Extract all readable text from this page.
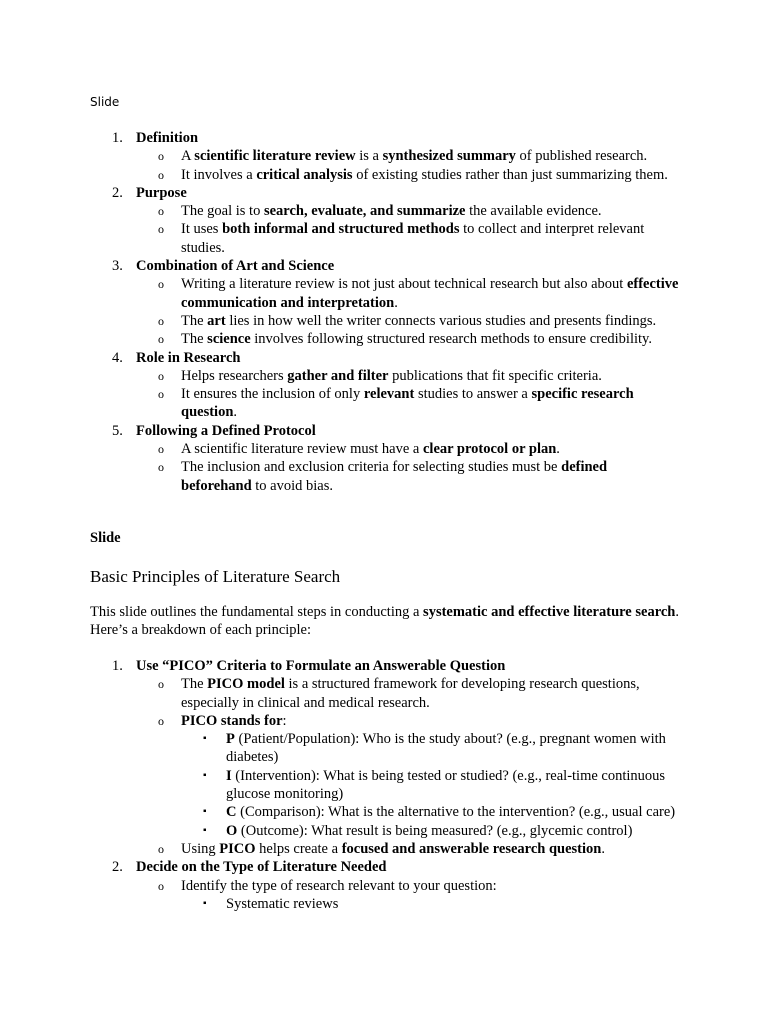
Slide
1. Definition
o A scientific literature review is a synthesized summary of published research.
o It involves a critical analysis of existing studies rather than just summarizing them.
2. Purpose
o The goal is to search, evaluate, and summarize the available evidence.
o It uses both informal and structured methods to collect and interpret relevant studies.
3. Combination of Art and Science
o Writing a literature review is not just about technical research but also about effective communication and interpretation.
o The art lies in how well the writer connects various studies and presents findings.
o The science involves following structured research methods to ensure credibility.
4. Role in Research
o Helps researchers gather and filter publications that fit specific criteria.
o It ensures the inclusion of only relevant studies to answer a specific research question.
5. Following a Defined Protocol
o A scientific literature review must have a clear protocol or plan.
o The inclusion and exclusion criteria for selecting studies must be defined beforehand to avoid bias.
Slide
Basic Principles of Literature Search

This slide outlines the fundamental steps in conducting a systematic and effective literature search. Here’s a breakdown of each principle:

1. Use “PICO” Criteria to Formulate an Answerable Question
o The PICO model is a structured framework for developing research questions, especially in clinical and medical research.
o PICO stands for:
▪ P (Patient/Population): Who is the study about? (e.g., pregnant women with diabetes)
▪ I (Intervention): What is being tested or studied? (e.g., real-time continuous glucose monitoring)
▪ C (Comparison): What is the alternative to the intervention? (e.g., usual care)
▪ O (Outcome): What result is being measured? (e.g., glycemic control)
o Using PICO helps create a focused and answerable research question.
2. Decide on the Type of Literature Needed
o Identify the type of research relevant to your question:
▪ Systematic reviews
